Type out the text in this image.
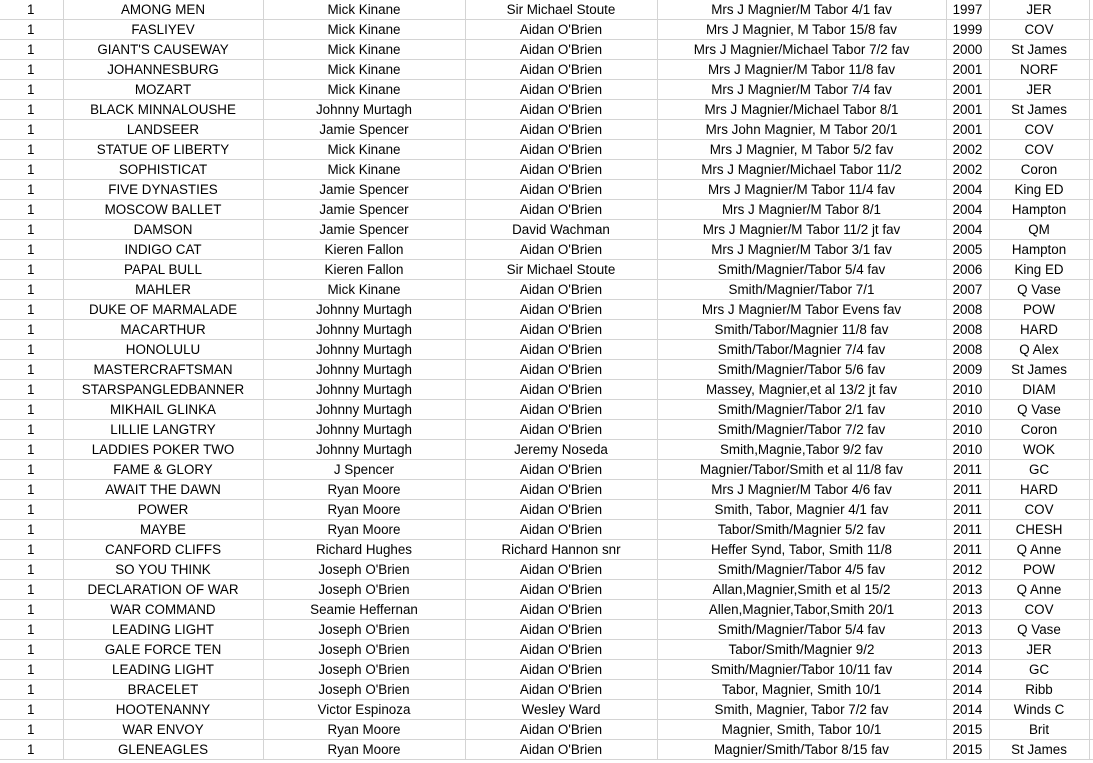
1	AMONG MEN	Mick Kinane	Sir Michael Stoute	Mrs J Magnier/M Tabor 4/1 fav	1997	JER	
1	FASLIYEV	Mick Kinane	Aidan O'Brien	Mrs J Magnier, M Tabor 15/8 fav	1999	COV	
1	GIANT'S CAUSEWAY	Mick Kinane	Aidan O'Brien	Mrs J Magnier/Michael Tabor 7/2 fav	2000	St James	
1	JOHANNESBURG	Mick Kinane	Aidan O'Brien	Mrs J Magnier/M Tabor 11/8 fav	2001	NORF	
1	MOZART	Mick Kinane	Aidan O'Brien	Mrs J Magnier/M Tabor 7/4 fav	2001	JER	
1	BLACK MINNALOUSHE	Johnny Murtagh	Aidan O'Brien	Mrs J Magnier/Michael Tabor 8/1	2001	St James	
1	LANDSEER	Jamie Spencer	Aidan O'Brien	Mrs John Magnier, M Tabor 20/1	2001	COV	
1	STATUE OF LIBERTY	Mick Kinane	Aidan O'Brien	Mrs J Magnier, M Tabor 5/2 fav	2002	COV	
1	SOPHISTICAT	Mick Kinane	Aidan O'Brien	Mrs J Magnier/Michael Tabor 11/2	2002	Coron	
1	FIVE DYNASTIES	Jamie Spencer	Aidan O'Brien	Mrs J Magnier/M Tabor 11/4 fav	2004	King ED	
1	MOSCOW BALLET	Jamie Spencer	Aidan O'Brien	Mrs J Magnier/M Tabor 8/1	2004	Hampton	
1	DAMSON	Jamie Spencer	David Wachman	Mrs J Magnier/M Tabor 11/2 jt fav	2004	QM	
1	INDIGO CAT	Kieren Fallon	Aidan O'Brien	Mrs J Magnier/M Tabor 3/1 fav	2005	Hampton	
1	PAPAL BULL	Kieren Fallon	Sir Michael Stoute	Smith/Magnier/Tabor 5/4 fav	2006	King ED	
1	MAHLER	Mick Kinane	Aidan O'Brien	Smith/Magnier/Tabor 7/1	2007	Q Vase	
1	DUKE OF MARMALADE	Johnny Murtagh	Aidan O'Brien	Mrs J Magnier/M Tabor Evens fav	2008	POW	
1	MACARTHUR	Johnny Murtagh	Aidan O'Brien	Smith/Tabor/Magnier 11/8 fav	2008	HARD	
1	HONOLULU	Johnny Murtagh	Aidan O'Brien	Smith/Tabor/Magnier 7/4 fav	2008	Q Alex	
1	MASTERCRAFTSMAN	Johnny Murtagh	Aidan O'Brien	Smith/Magnier/Tabor 5/6 fav	2009	St James	
1	STARSPANGLEDBANNER	Johnny Murtagh	Aidan O'Brien	Massey, Magnier,et al 13/2 jt fav	2010	DIAM	
1	MIKHAIL GLINKA	Johnny Murtagh	Aidan O'Brien	Smith/Magnier/Tabor 2/1 fav	2010	Q Vase	
1	LILLIE LANGTRY	Johnny Murtagh	Aidan O'Brien	Smith/Magnier/Tabor 7/2 fav	2010	Coron	
1	LADDIES POKER TWO	Johnny Murtagh	Jeremy Noseda	Smith,Magnie,Tabor 9/2 fav	2010	WOK	
1	FAME & GLORY	J Spencer	Aidan O'Brien	Magnier/Tabor/Smith et al 11/8 fav	2011	GC	
1	AWAIT THE DAWN	Ryan Moore	Aidan O'Brien	Mrs J Magnier/M Tabor 4/6 fav	2011	HARD	
1	POWER	Ryan Moore	Aidan O'Brien	Smith, Tabor, Magnier 4/1 fav	2011	COV	
1	MAYBE	Ryan Moore	Aidan O'Brien	Tabor/Smith/Magnier 5/2 fav	2011	CHESH	
1	CANFORD CLIFFS	Richard Hughes	Richard Hannon snr	Heffer Synd, Tabor, Smith 11/8	2011	Q Anne	
1	SO YOU THINK	Joseph O'Brien	Aidan O'Brien	Smith/Magnier/Tabor 4/5 fav	2012	POW	
1	DECLARATION OF WAR	Joseph O'Brien	Aidan O'Brien	Allan,Magnier,Smith et al 15/2	2013	Q Anne	
1	WAR COMMAND	Seamie Heffernan	Aidan O'Brien	Allen,Magnier,Tabor,Smith 20/1	2013	COV	
1	LEADING LIGHT	Joseph O'Brien	Aidan O'Brien	Smith/Magnier/Tabor 5/4 fav	2013	Q Vase	
1	GALE FORCE TEN	Joseph O'Brien	Aidan O'Brien	Tabor/Smith/Magnier 9/2	2013	JER	
1	LEADING LIGHT	Joseph O'Brien	Aidan O'Brien	Smith/Magnier/Tabor 10/11 fav	2014	GC	
1	BRACELET	Joseph O'Brien	Aidan O'Brien	Tabor, Magnier, Smith 10/1	2014	Ribb	
1	HOOTENANNY	Victor Espinoza	Wesley Ward	Smith, Magnier, Tabor 7/2 fav	2014	Winds C	
1	WAR ENVOY	Ryan Moore	Aidan O'Brien	Magnier, Smith, Tabor 10/1	2015	Brit	
1	GLENEAGLES	Ryan Moore	Aidan O'Brien	Magnier/Smith/Tabor 8/15 fav	2015	St James	
